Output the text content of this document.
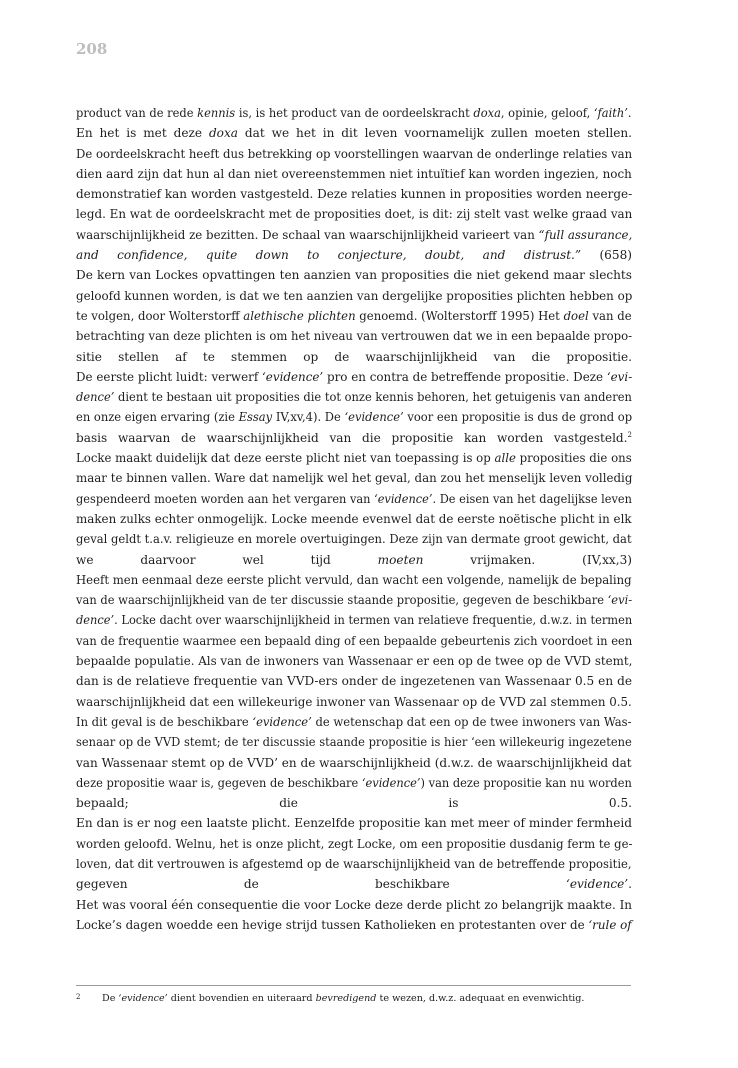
208
product van de rede kennis is, is het product van de oordeelskracht doxa, opinie, geloof, ‘faith’.
En het is met deze doxa dat we het in dit leven voornamelijk zullen moeten stellen.
De oordeelskracht heeft dus betrekking op voorstellingen waarvan de onderlinge relaties van
dien aard zijn dat hun al dan niet overeenstemmen niet intuïtief kan worden ingezien, noch
demonstratief kan worden vastgesteld. Deze relaties kunnen in proposities worden neerge-
legd. En wat de oordeelskracht met de proposities doet, is dit: zij stelt vast welke graad van
waarschijnlijkheid ze bezitten. De schaal van waarschijnlijkheid varieert van “full assurance,
and confidence, quite down to conjecture, doubt, and distrust.” (658)
De kern van Lockes opvattingen ten aanzien van proposities die niet gekend maar slechts
geloofd kunnen worden, is dat we ten aanzien van dergelijke proposities plichten hebben op
te volgen, door Wolterstorff alethische plichten genoemd. (Wolterstorff 1995) Het doel van de
betrachting van deze plichten is om het niveau van vertrouwen dat we in een bepaalde propo-
sitie stellen af te stemmen op de waarschijnlijkheid van die propositie.
De eerste plicht luidt: verwerf ‘evidence’ pro en contra de betreffende propositie. Deze ‘evi-
dence’ dient te bestaan uit proposities die tot onze kennis behoren, het getuigenis van anderen
en onze eigen ervaring (zie Essay IV,xv,4). De ‘evidence’ voor een propositie is dus de grond op
basis waarvan de waarschijnlijkheid van die propositie kan worden vastgesteld.$^2$
Locke maakt duidelijk dat deze eerste plicht niet van toepassing is op alle proposities die ons
maar te binnen vallen. Ware dat namelijk wel het geval, dan zou het menselijk leven volledig
gespendeerd moeten worden aan het vergaren van ‘evidence’. De eisen van het dagelijkse leven
maken zulks echter onmogelijk. Locke meende evenwel dat de eerste noëtische plicht in elk
geval geldt t.a.v. religieuze en morele overtuigingen. Deze zijn van dermate groot gewicht, dat
we daarvoor wel tijd moeten vrijmaken. (IV,xx,3)
Heeft men eenmaal deze eerste plicht vervuld, dan wacht een volgende, namelijk de bepaling
van de waarschijnlijkheid van de ter discussie staande propositie, gegeven de beschikbare ‘evi-
dence’. Locke dacht over waarschijnlijkheid in termen van relatieve frequentie, d.w.z. in termen
van de frequentie waarmee een bepaald ding of een bepaalde gebeurtenis zich voordoet in een
bepaalde populatie. Als van de inwoners van Wassenaar er een op de twee op de VVD stemt,
dan is de relatieve frequentie van VVD-ers onder de ingezetenen van Wassenaar 0.5 en de
waarschijnlijkheid dat een willekeurige inwoner van Wassenaar op de VVD zal stemmen 0.5.
In dit geval is de beschikbare ‘evidence’ de wetenschap dat een op de twee inwoners van Was-
senaar op de VVD stemt; de ter discussie staande propositie is hier ‘een willekeurig ingezetene
van Wassenaar stemt op de VVD’ en de waarschijnlijkheid (d.w.z. de waarschijnlijkheid dat
deze propositie waar is, gegeven de beschikbare ‘evidence’) van deze propositie kan nu worden
bepaald; die is 0.5.
En dan is er nog een laatste plicht. Eenzelfde propositie kan met meer of minder fermheid
worden geloofd. Welnu, het is onze plicht, zegt Locke, om een propositie dusdanig ferm te ge-
loven, dat dit vertrouwen is afgestemd op de waarschijnlijkheid van de betreffende propositie,
gegeven de beschikbare ‘evidence’.
Het was vooral één consequentie die voor Locke deze derde plicht zo belangrijk maakte. In
Locke’s dagen woedde een hevige strijd tussen Katholieken en protestanten over de ‘rule of
2 De ‘evidence’ dient bovendien en uiteraard bevredigend te wezen, d.w.z. adequaat en evenwichtig.
